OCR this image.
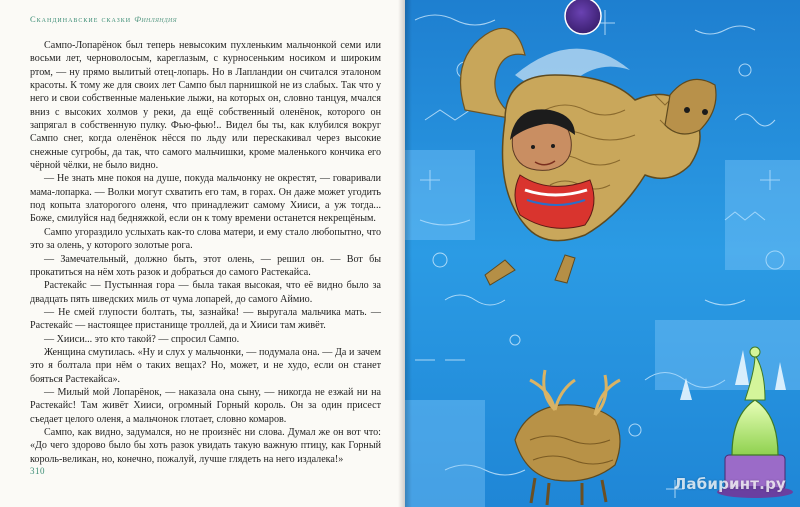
Скандинавские сказки Финляндия

Сампо-Лопарёнок был теперь невысоким пухленьким мальчонкой семи или восьми лет, черноволосым, кареглазым, с курносеньким носиком и широким ртом, — ну прямо вылитый отец-лопарь. Но в Лапландии он считался эталоном красоты. К тому же для своих лет Сампо был парнишкой не из слабых. Так что у него и свои собственные маленькие лыжи, на которых он, словно танцуя, мчался вниз с высоких холмов у реки, да ещё собственный оленёнок, которого он запрягал в собственную пулку. Фью-фью!.. Видел бы ты, как клубился вокруг Сампо снег, когда оленёнок нёсся по льду или перескакивал через высокие снежные сугробы, да так, что самого мальчишки, кроме маленького кончика его чёрной чёлки, не было видно.

— Не знать мне покоя на душе, покуда мальчонку не окрестят, — говаривали мама-лопарка. — Волки могут схватить его там, в горах. Он даже может угодить под копыта златорогого оленя, что принадлежит самому Хииси, а уж тогда... Боже, смилуйся над бедняжкой, если он к тому времени останется некрещёным.

Сампо угораздило услыхать как-то слова матери, и ему стало любопытно, что это за олень, у которого золотые рога.

— Замечательный, должно быть, этот олень, — решил он. — Вот бы прокатиться на нём хоть разок и добраться до самого Растекайса.

Растекайс — Пустынная гора — была такая высокая, что её видно было за двадцать пять шведских миль от чума лопарей, до самого Аймио.

— Не смей глупости болтать, ты, зазнайка! — выругала мальчика мать. — Растекайс — настоящее пристанище троллей, да и Хииси там живёт.

— Хииси... это кто такой? — спросил Сампо.

Женщина смутилась. «Ну и слух у мальчонки, — подумала она. — Да и зачем это я болтала при нём о таких вещах? Но, может, и не худо, если он станет бояться Растекайса».

— Милый мой Лопарёнок, — наказала она сыну, — никогда не езжай ни на Растекайс! Там живёт Хииси, огромный Горный король. Он за один присест съедает целого оленя, а мальчонок глотает, словно комаров.

Сампо, как видно, задумался, но не произнёс ни слова. Думал же он вот что: «До чего здорово было бы хоть разок увидать такую важную птицу, как Горный король-великан, но, конечно, пожалуй, лучше глядеть на него издалека!»

310
Лабиринт.ру
